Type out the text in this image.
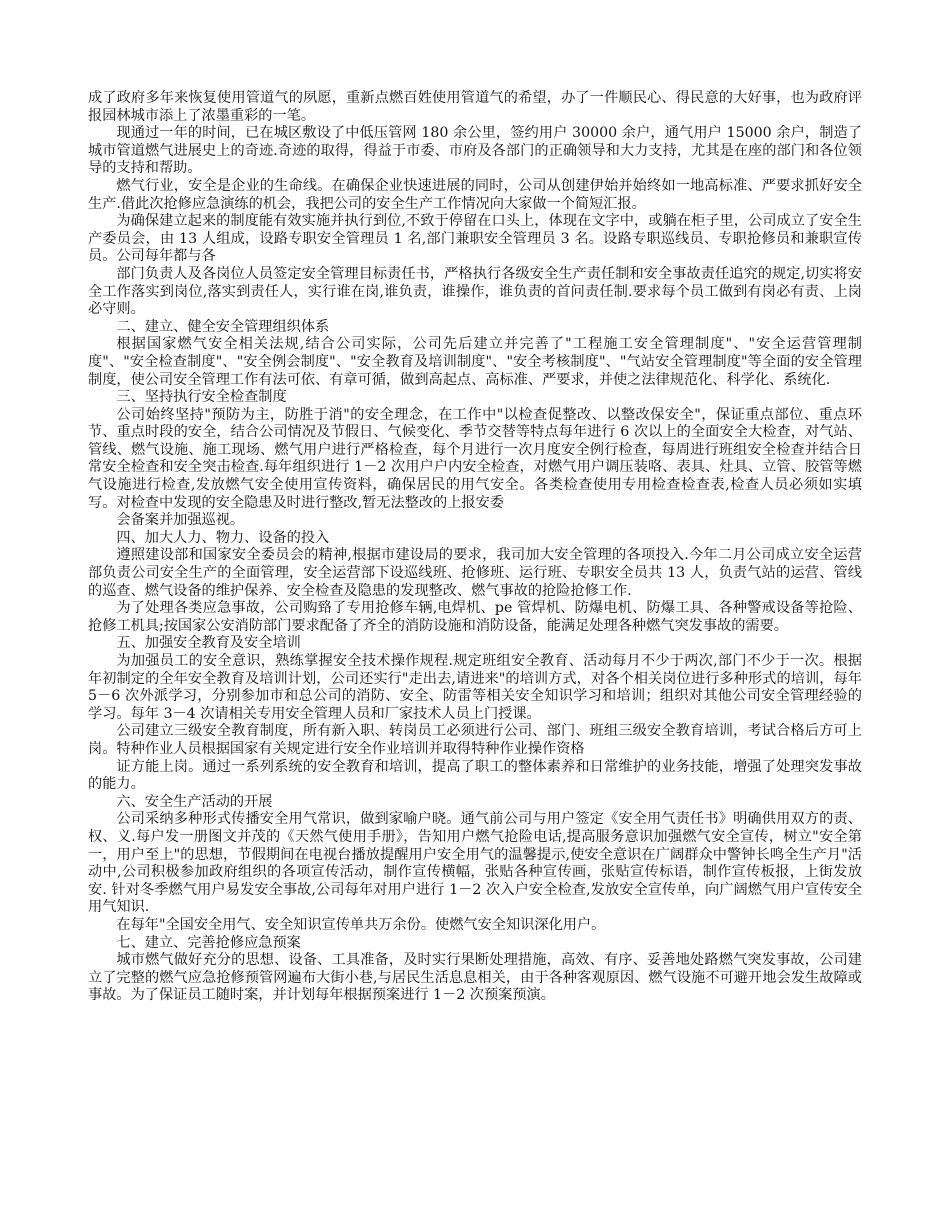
成了政府多年来恢复使用管道气的夙愿，重新点燃百姓使用管道气的希望，办了一件顺民心、得民意的大好事，也为政府评报园林城市添上了浓墨重彩的一笔。

现通过一年的时间，已在城区敷设了中低压管网 180 余公里，签约用户 30000 余户，通气用户 15000 余户，制造了城市管道燃气进展史上的奇迹.奇迹的取得，得益于市委、市府及各部门的正确领导和大力支持，尤其是在座的部门和各位领导的支持和帮助。

燃气行业，安全是企业的生命线。在确保企业快速进展的同时，公司从创建伊始并始终如一地高标准、严要求抓好安全生产.借此次抢修应急演练的机会，我把公司的安全生产工作情况向大家做一个简短汇报。

为确保建立起来的制度能有效实施并执行到位,不致于停留在口头上，体现在文字中，或躺在柜子里，公司成立了安全生产委员会，由 13 人组成，设路专职安全管理员 1 名,部门兼职安全管理员 3 名。设路专职巡线员、专职抢修员和兼职宣传员。公司每年都与各

部门负责人及各岗位人员签定安全管理目标责任书，严格执行各级安全生产责任制和安全事故责任追究的规定,切实将安全工作落实到岗位,落实到责任人，实行谁在岗,谁负责，谁操作，谁负责的首问责任制.要求每个员工做到有岗必有责、上岗必守则。

二、建立、健全安全管理组织体系

根据国家燃气安全相关法规,结合公司实际，公司先后建立并完善了"工程施工安全管理制度"、"安全运营管理制度"、"安全检查制度"、"安全例会制度"、"安全教育及培训制度"、"安全考核制度"、"气站安全管理制度"等全面的安全管理制度，使公司安全管理工作有法可依、有章可循，做到高起点、高标准、严要求，并使之法律规范化、科学化、系统化.

三、坚持执行安全检查制度

公司始终坚持"预防为主，防胜于消"的安全理念，在工作中"以检查促整改、以整改保安全"，保证重点部位、重点环节、重点时段的安全，结合公司情况及节假日、气候变化、季节交替等特点每年进行 6 次以上的全面安全大检查，对气站、管线、燃气设施、施工现场、燃气用户进行严格检查，每个月进行一次月度安全例行检查，每周进行班组安全检查并结合日常安全检查和安全突击检查.每年组织进行 1－2 次用户户内安全检查，对燃气用户调压装咯、表具、灶具、立管、胶管等燃气设施进行检查,发放燃气安全使用宣传资料，确保居民的用气安全。各类检查使用专用检查检查表,检查人员必须如实填写。对检查中发现的安全隐患及时进行整改,暂无法整改的上报安委

会备案并加强巡视。

四、加大人力、物力、设备的投入

遵照建设部和国家安全委员会的精神,根据市建设局的要求，我司加大安全管理的各项投入.今年二月公司成立安全运营部负责公司安全生产的全面管理，安全运营部下设巡线班、抢修班、运行班、专职安全员共 13 人，负责气站的运营、管线的巡查、燃气设备的维护保养、安全检查及隐患的发现整改、燃气事故的抢险抢修工作.

为了处理各类应急事故，公司购臵了专用抢修车辆,电焊机、pe 管焊机、防爆电机、防爆工具、各种警戒设备等抢险、抢修工机具;按国家公安消防部门要求配备了齐全的消防设施和消防设备，能满足处理各种燃气突发事故的需要。

五、加强安全教育及安全培训

为加强员工的安全意识，熟练掌握安全技术操作规程.规定班组安全教育、活动每月不少于两次,部门不少于一次。根据年初制定的全年安全教育及培训计划，公司还实行"走出去,请进来"的培训方式，对各个相关岗位进行多种形式的培训，每年 5－6 次外派学习，分别参加市和总公司的消防、安全、防雷等相关安全知识学习和培训；组织对其他公司安全管理经验的学习。每年 3－4 次请相关专用安全管理人员和厂家技术人员上门授课。

公司建立三级安全教育制度，所有新入职、转岗员工必须进行公司、部门、班组三级安全教育培训，考试合格后方可上岗。特种作业人员根据国家有关规定进行安全作业培训并取得特种作业操作资格

证方能上岗。通过一系列系统的安全教育和培训，提高了职工的整体素养和日常维护的业务技能，增强了处理突发事故的能力。

六、安全生产活动的开展

公司采纳多种形式传播安全用气常识，做到家喻户晓。通气前公司与用户签定《安全用气责任书》明确供用双方的责、权、义.每户发一册图文并茂的《天然气使用手册》，告知用户燃气抢险电话,提高服务意识加强燃气安全宣传，树立"安全第一，用户至上"的思想，节假期间在电视台播放提醒用户安全用气的温馨提示,使安全意识在广阔群众中警钟长鸣全生产月"活动中,公司积极参加政府组织的各项宣传活动，制作宣传横幅，张贴各种宣传画，张贴宣传标语，制作宣传板报，上街发放安. 针对冬季燃气用户易发安全事故,公司每年对用户进行 1－2 次入户安全检查,发放安全宣传单，向广阔燃气用户宣传安全用气知识.

在每年"全国安全用气、安全知识宣传单共万余份。使燃气安全知识深化用户。

七、建立、完善抢修应急预案

城市燃气做好充分的思想、设备、工具准备，及时实行果断处理措施，高效、有序、妥善地处路燃气突发事故，公司建立了完整的燃气应急抢修预管网遍布大街小巷,与居民生活息息相关，由于各种客观原因、燃气设施不可避开地会发生故障或事故。为了保证员工随时案，并计划每年根据预案进行 1－2 次预案预演。
